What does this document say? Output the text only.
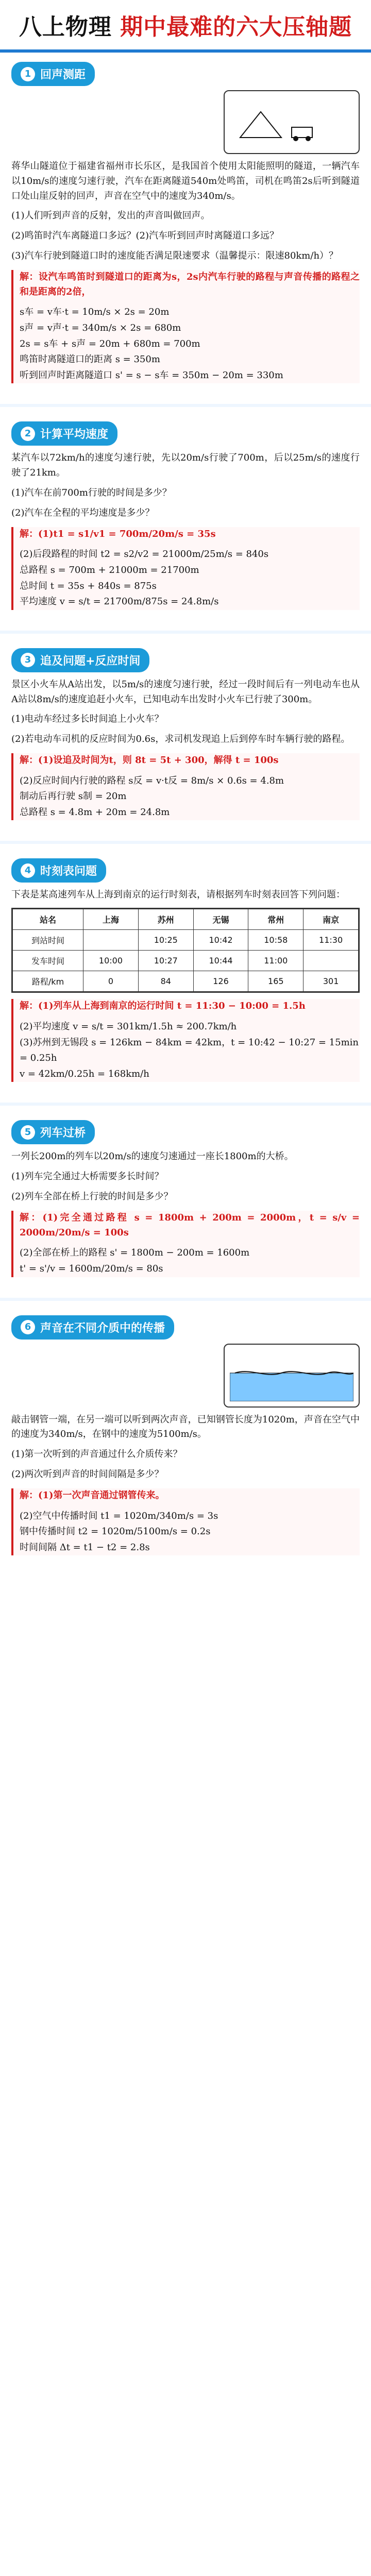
八上物理 期中最难的六大压轴题
1 回声测距
蒋华山隧道位于福建省福州市长乐区，是我国首个使用太阳能照明的隧道，一辆汽车以10m/s的速度匀速行驶，汽车在距离隧道540m处鸣笛，司机在鸣笛2s后听到隧道口处山崖反射的回声，声音在空气中的速度为340m/s。
(1)人们听到声音的反射，发出的声音叫做回声。
(2)鸣笛时汽车离隧道口多远？(2)汽车听到回声时离隧道口多远？
(3)汽车行驶到隧道口时的速度能否满足限速要求（温馨提示：限速80km/h）？
解：设汽车鸣笛时到隧道口的距离为s，2s内汽车行驶的路程与声音传播的路程之和是距离的2倍，
s车 = v车·t = 10m/s × 2s = 20m
s声 = v声·t = 340m/s × 2s = 680m
2s = s车 + s声 = 20m + 680m = 700m
鸣笛时离隧道口的距离 s = 350m
听到回声时距离隧道口 s' = s − s车 = 350m − 20m = 330m
2 计算平均速度
某汽车以72km/h的速度匀速行驶，先以20m/s行驶了700m，后以25m/s的速度行驶了21km。
(1)汽车在前700m行驶的时间是多少？
(2)汽车在全程的平均速度是多少？
解：(1)t1 = s1/v1 = 700m/20m/s = 35s
(2)后段路程的时间 t2 = s2/v2 = 21000m/25m/s = 840s
总路程 s = 700m + 21000m = 21700m
总时间 t = 35s + 840s = 875s
平均速度 v = s/t = 21700m/875s = 24.8m/s
3 追及问题+反应时间
景区小火车从A站出发，以5m/s的速度匀速行驶，经过一段时间后有一列电动车也从A站以8m/s的速度追赶小火车，已知电动车出发时小火车已行驶了300m。
(1)电动车经过多长时间追上小火车？
(2)若电动车司机的反应时间为0.6s，求司机发现追上后到停车时车辆行驶的路程。
解：(1)设追及时间为t，则 8t = 5t + 300，解得 t = 100s
(2)反应时间内行驶的路程 s反 = v·t反 = 8m/s × 0.6s = 4.8m
制动后再行驶 s制 = 20m
总路程 s = 4.8m + 20m = 24.8m
4 时刻表问题
下表是某高速列车从上海到南京的运行时刻表，请根据列车时刻表回答下列问题：
站名	上海	苏州	无锡	常州	南京
到站时间		10:25	10:42	10:58	11:30
发车时间	10:00	10:27	10:44	11:00	
路程/km	0	84	126	165	301
解：(1)列车从上海到南京的运行时间 t = 11:30 − 10:00 = 1.5h
(2)平均速度 v = s/t = 301km/1.5h ≈ 200.7km/h
(3)苏州到无锡段 s = 126km − 84km = 42km，t = 10:42 − 10:27 = 15min = 0.25h
v = 42km/0.25h = 168km/h
5 列车过桥
一列长200m的列车以20m/s的速度匀速通过一座长1800m的大桥。
(1)列车完全通过大桥需要多长时间？
(2)列车全部在桥上行驶的时间是多少？
解：(1)完全通过路程 s = 1800m + 200m = 2000m，t = s/v = 2000m/20m/s = 100s
(2)全部在桥上的路程 s' = 1800m − 200m = 1600m
t' = s'/v = 1600m/20m/s = 80s
6 声音在不同介质中的传播
敲击钢管一端，在另一端可以听到两次声音，已知钢管长度为1020m，声音在空气中的速度为340m/s，在钢中的速度为5100m/s。
(1)第一次听到的声音通过什么介质传来？
(2)两次听到声音的时间间隔是多少？
解：(1)第一次声音通过钢管传来。
(2)空气中传播时间 t1 = 1020m/340m/s = 3s
钢中传播时间 t2 = 1020m/5100m/s = 0.2s
时间间隔 Δt = t1 − t2 = 2.8s
